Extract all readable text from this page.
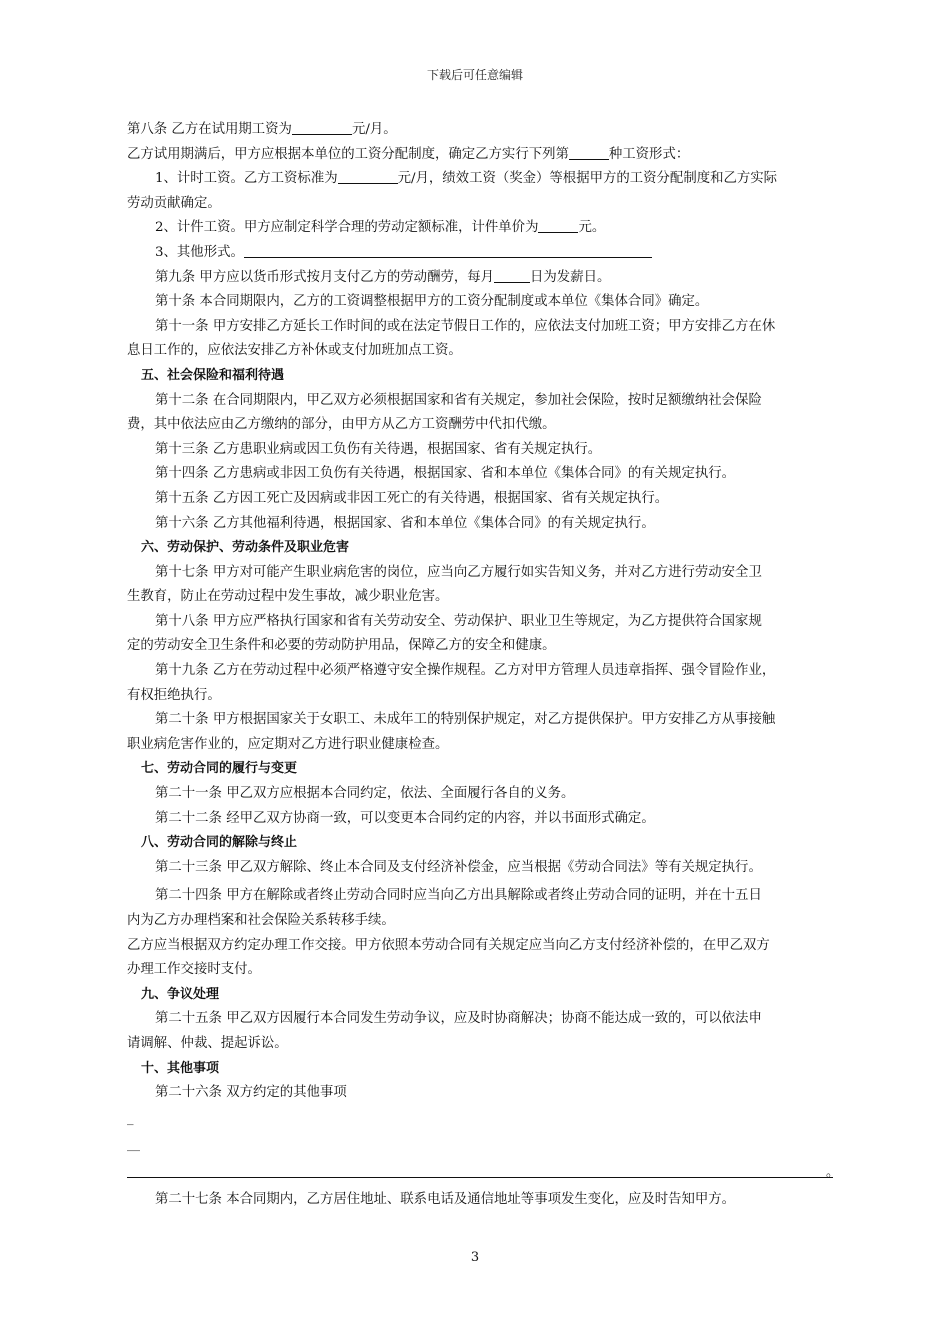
下载后可任意编辑
第八条 乙方在试用期工资为	元/月。
乙方试用期满后，甲方应根据本单位的工资分配制度，确定乙方实行下列第	种工资形式：
1、计时工资。乙方工资标准为	元/月，绩效工资（奖金）等根据甲方的工资分配制度和乙方实际
劳动贡献确定。
2、计件工资。甲方应制定科学合理的劳动定额标准，计件单价为	元。
3、其他形式。
第九条 甲方应以货币形式按月支付乙方的劳动酬劳，每月	日为发薪日。
第十条 本合同期限内，乙方的工资调整根据甲方的工资分配制度或本单位《集体合同》确定。
第十一条 甲方安排乙方延长工作时间的或在法定节假日工作的，应依法支付加班工资；甲方安排乙方在休
息日工作的，应依法安排乙方补休或支付加班加点工资。
五、社会保险和福利待遇
第十二条 在合同期限内，甲乙双方必须根据国家和省有关规定，参加社会保险，按时足额缴纳社会保险
费，其中依法应由乙方缴纳的部分，由甲方从乙方工资酬劳中代扣代缴。
第十三条 乙方患职业病或因工负伤有关待遇，根据国家、省有关规定执行。
第十四条 乙方患病或非因工负伤有关待遇，根据国家、省和本单位《集体合同》的有关规定执行。
第十五条 乙方因工死亡及因病或非因工死亡的有关待遇，根据国家、省有关规定执行。
第十六条 乙方其他福利待遇，根据国家、省和本单位《集体合同》的有关规定执行。
六、劳动保护、劳动条件及职业危害
第十七条 甲方对可能产生职业病危害的岗位，应当向乙方履行如实告知义务，并对乙方进行劳动安全卫
生教育，防止在劳动过程中发生事故，减少职业危害。
第十八条 甲方应严格执行国家和省有关劳动安全、劳动保护、职业卫生等规定，为乙方提供符合国家规
定的劳动安全卫生条件和必要的劳动防护用品，保障乙方的安全和健康。
第十九条 乙方在劳动过程中必须严格遵守安全操作规程。乙方对甲方管理人员违章指挥、强令冒险作业，
有权拒绝执行。
第二十条 甲方根据国家关于女职工、未成年工的特别保护规定，对乙方提供保护。甲方安排乙方从事接触
职业病危害作业的，应定期对乙方进行职业健康检查。
七、劳动合同的履行与变更
第二十一条 甲乙双方应根据本合同约定，依法、全面履行各自的义务。
第二十二条 经甲乙双方协商一致，可以变更本合同约定的内容，并以书面形式确定。
八、劳动合同的解除与终止
第二十三条 甲乙双方解除、终止本合同及支付经济补偿金，应当根据《劳动合同法》等有关规定执行。
第二十四条 甲方在解除或者终止劳动合同时应当向乙方出具解除或者终止劳动合同的证明，并在十五日
内为乙方办理档案和社会保险关系转移手续。
乙方应当根据双方约定办理工作交接。甲方依照本劳动合同有关规定应当向乙方支付经济补偿的，在甲乙双方
办理工作交接时支付。
九、争议处理
第二十五条 甲乙双方因履行本合同发生劳动争议，应及时协商解决；协商不能达成一致的，可以依法申
请调解、仲裁、提起诉讼。
十、其他事项
第二十六条 双方约定的其他事项
_
__
。
第二十七条 本合同期内，乙方居住地址、联系电话及通信地址等事项发生变化，应及时告知甲方。
3
